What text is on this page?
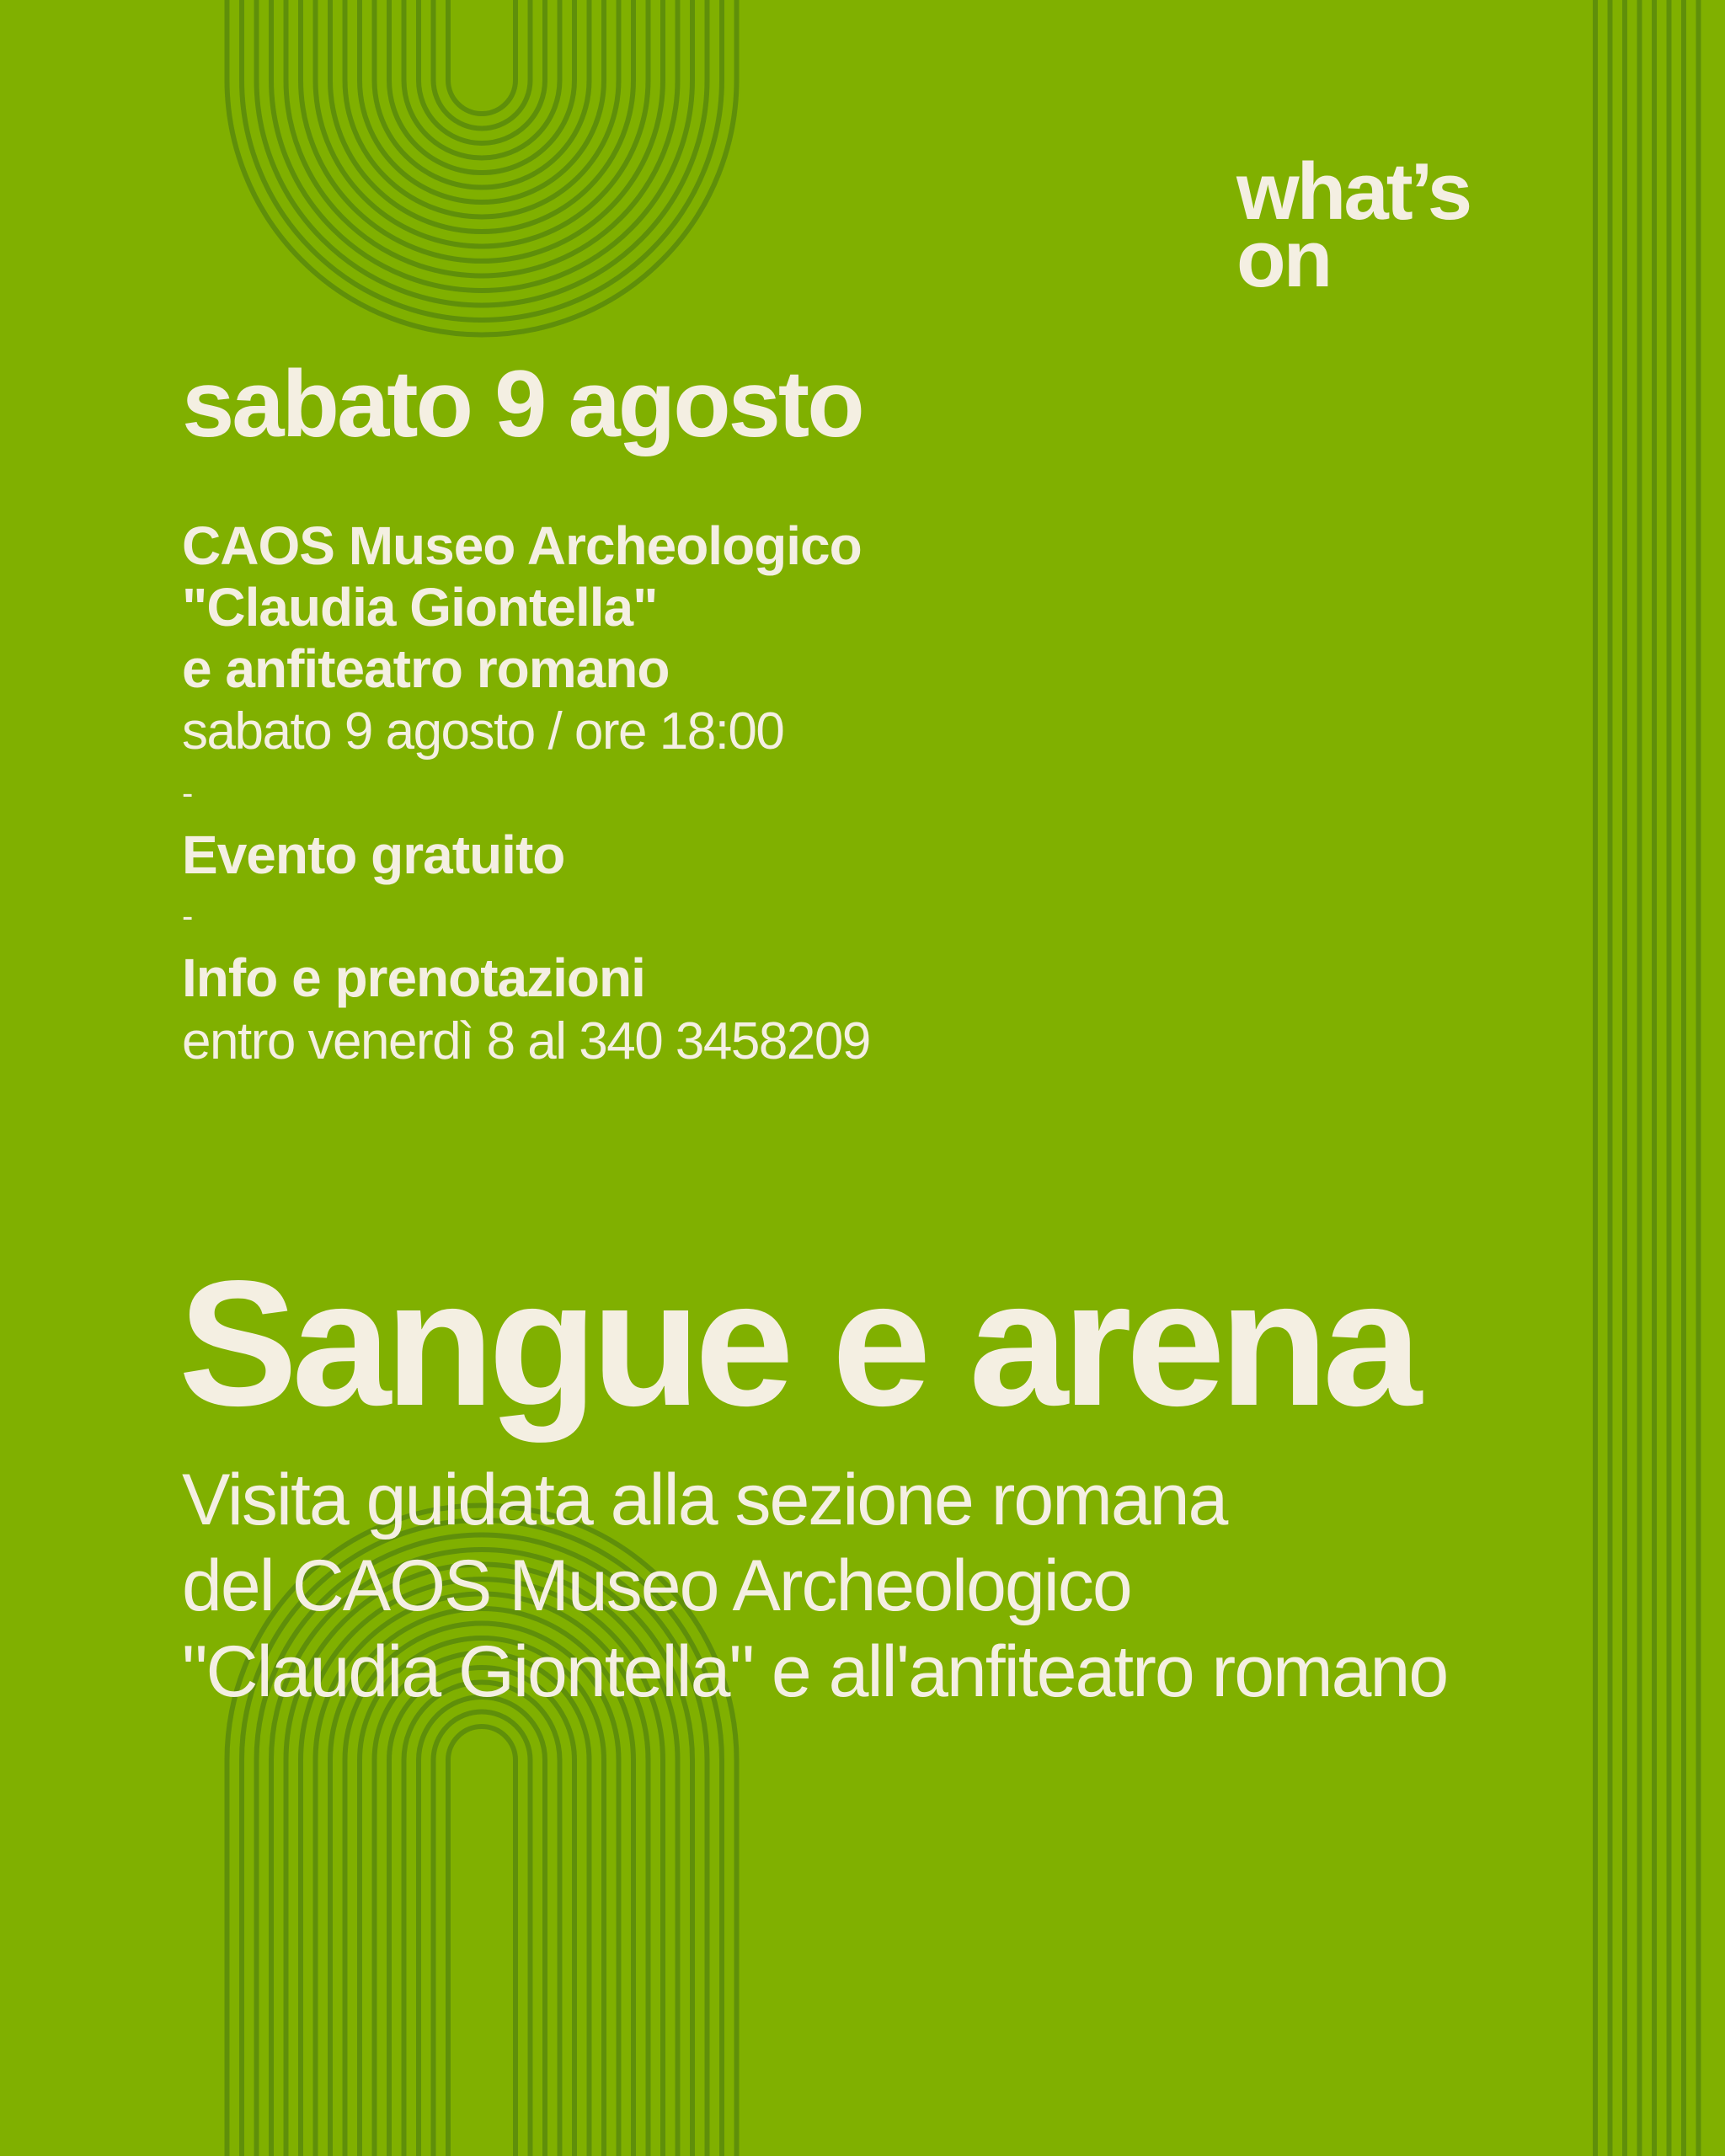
what’s
on
sabato 9 agosto
CAOS Museo Archeologico
"Claudia Giontella"
e anfiteatro romano
sabato 9 agosto / ore 18:00
-
Evento gratuito
-
Info e prenotazioni
entro venerdì 8 al 340 3458209
Sangue e arena
Visita guidata alla sezione romana
del CAOS Museo Archeologico
"Claudia Giontella" e all'anfiteatro romano
